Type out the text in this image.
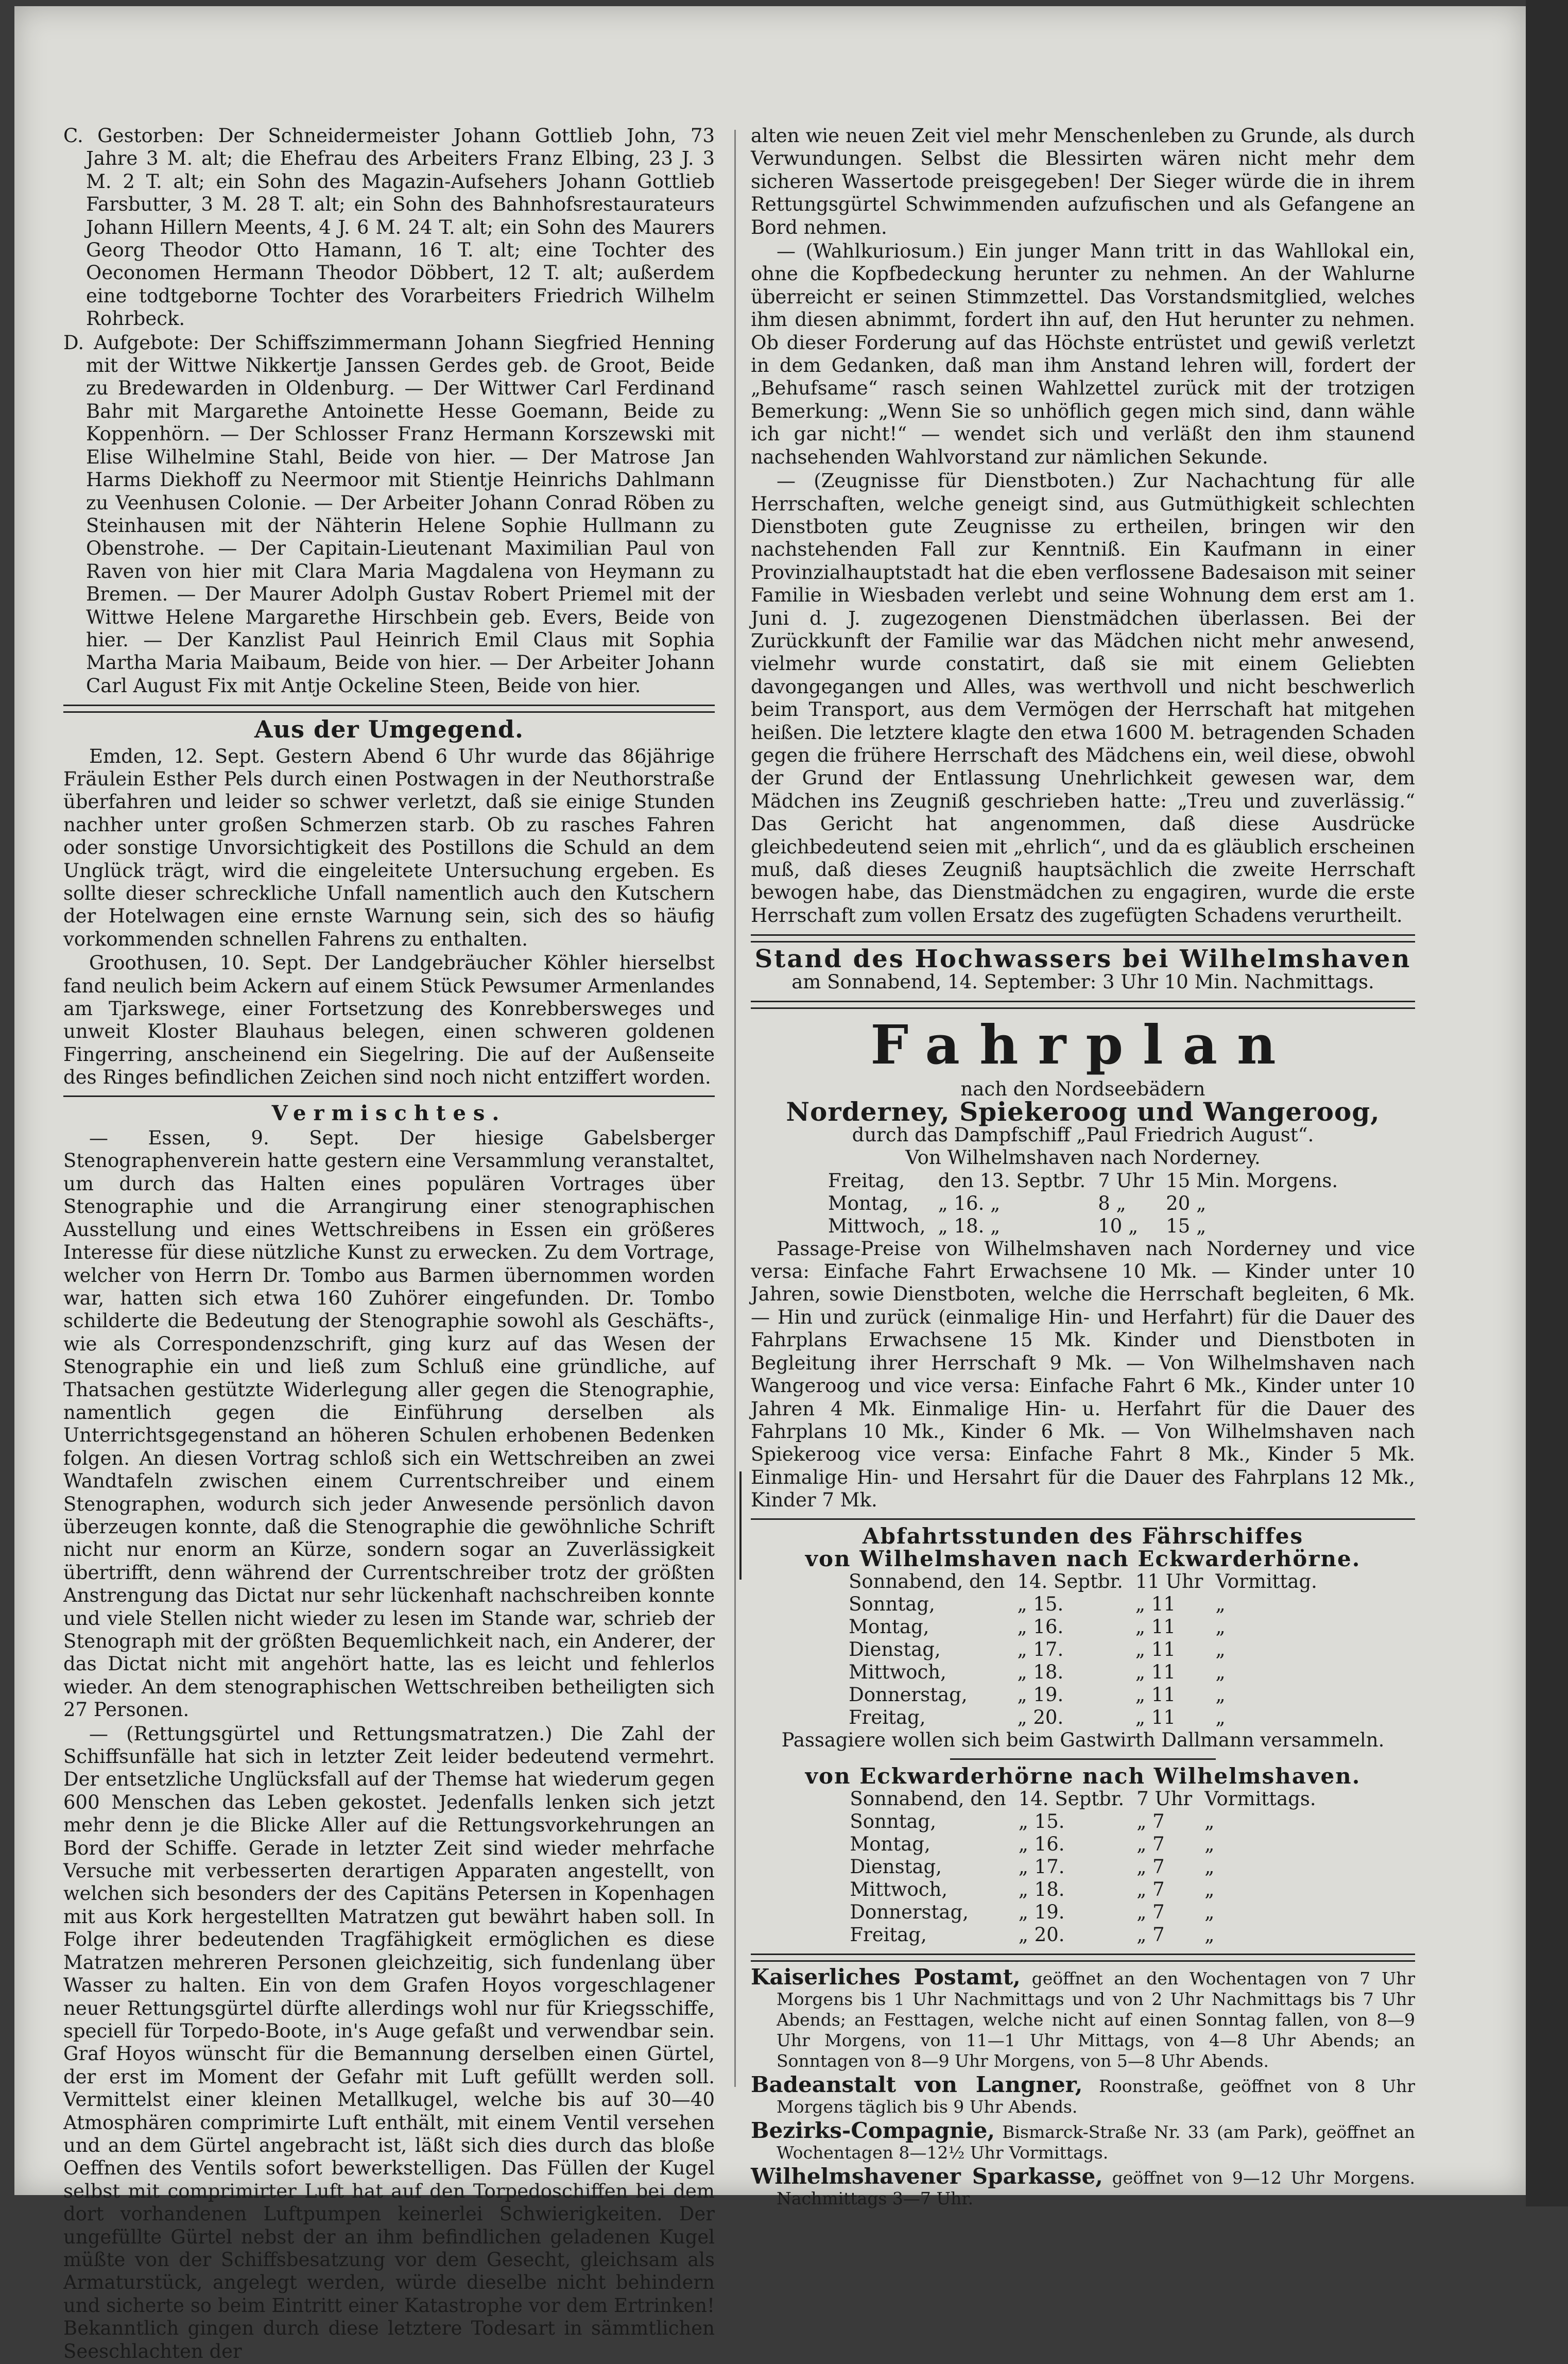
C. Gestorben: Der Schneidermeister Johann Gottlieb John, 73 Jahre 3 M. alt; die Ehefrau des Arbeiters Franz Elbing, 23 J. 3 M. 2 T. alt; ein Sohn des Magazin-Aufsehers Johann Gottlieb Farsbutter, 3 M. 28 T. alt; ein Sohn des Bahnhofsrestaurateurs Johann Hillern Meents, 4 J. 6 M. 24 T. alt; ein Sohn des Maurers Georg Theodor Otto Hamann, 16 T. alt; eine Tochter des Oeconomen Hermann Theodor Döbbert, 12 T. alt; außerdem eine todtgeborne Tochter des Vorarbeiters Friedrich Wilhelm Rohrbeck.

D. Aufgebote: Der Schiffszimmermann Johann Siegfried Henning mit der Wittwe Nikkertje Janssen Gerdes geb. de Groot, Beide zu Bredewarden in Oldenburg. — Der Wittwer Carl Ferdinand Bahr mit Margarethe Antoinette Hesse Goemann, Beide zu Koppenhörn. — Der Schlosser Franz Hermann Korszewski mit Elise Wilhelmine Stahl, Beide von hier. — Der Matrose Jan Harms Diekhoff zu Neermoor mit Stientje Heinrichs Dahlmann zu Veenhusen Colonie. — Der Arbeiter Johann Conrad Röben zu Steinhausen mit der Nähterin Helene Sophie Hullmann zu Obenstrohe. — Der Capitain-Lieutenant Maximilian Paul von Raven von hier mit Clara Maria Magdalena von Heymann zu Bremen. — Der Maurer Adolph Gustav Robert Priemel mit der Wittwe Helene Margarethe Hirschbein geb. Evers, Beide von hier. — Der Kanzlist Paul Heinrich Emil Claus mit Sophia Martha Maria Maibaum, Beide von hier. — Der Arbeiter Johann Carl August Fix mit Antje Ockeline Steen, Beide von hier.

Aus der Umgegend.

Emden, 12. Sept. Gestern Abend 6 Uhr wurde das 86jährige Fräulein Esther Pels durch einen Postwagen in der Neuthorstraße überfahren und leider so schwer verletzt, daß sie einige Stunden nachher unter großen Schmerzen starb. Ob zu rasches Fahren oder sonstige Unvorsichtigkeit des Postillons die Schuld an dem Unglück trägt, wird die eingeleitete Untersuchung ergeben. Es sollte dieser schreckliche Unfall namentlich auch den Kutschern der Hotelwagen eine ernste Warnung sein, sich des so häufig vorkommenden schnellen Fahrens zu enthalten.

Groothusen, 10. Sept. Der Landgebräucher Köhler hierselbst fand neulich beim Ackern auf einem Stück Pewsumer Armenlandes am Tjarkswege, einer Fortsetzung des Konrebbersweges und unweit Kloster Blauhaus belegen, einen schweren goldenen Fingerring, anscheinend ein Siegelring. Die auf der Außenseite des Ringes befindlichen Zeichen sind noch nicht entziffert worden.

Vermischtes.

— Essen, 9. Sept. Der hiesige Gabelsberger Stenographenverein hatte gestern eine Versammlung veranstaltet, um durch das Halten eines populären Vortrages über Stenographie und die Arrangirung einer stenographischen Ausstellung und eines Wettschreibens in Essen ein größeres Interesse für diese nützliche Kunst zu erwecken. Zu dem Vortrage, welcher von Herrn Dr. Tombo aus Barmen übernommen worden war, hatten sich etwa 160 Zuhörer eingefunden. Dr. Tombo schilderte die Bedeutung der Stenographie sowohl als Geschäfts-, wie als Correspondenzschrift, ging kurz auf das Wesen der Stenographie ein und ließ zum Schluß eine gründliche, auf Thatsachen gestützte Widerlegung aller gegen die Stenographie, namentlich gegen die Einführung derselben als Unterrichtsgegenstand an höheren Schulen erhobenen Bedenken folgen. An diesen Vortrag schloß sich ein Wettschreiben an zwei Wandtafeln zwischen einem Currentschreiber und einem Stenographen, wodurch sich jeder Anwesende persönlich davon überzeugen konnte, daß die Stenographie die gewöhnliche Schrift nicht nur enorm an Kürze, sondern sogar an Zuverlässigkeit übertrifft, denn während der Currentschreiber trotz der größten Anstrengung das Dictat nur sehr lückenhaft nachschreiben konnte und viele Stellen nicht wieder zu lesen im Stande war, schrieb der Stenograph mit der größten Bequemlichkeit nach, ein Anderer, der das Dictat nicht mit angehört hatte, las es leicht und fehlerlos wieder. An dem stenographischen Wettschreiben betheiligten sich 27 Personen.

— (Rettungsgürtel und Rettungsmatratzen.) Die Zahl der Schiffsunfälle hat sich in letzter Zeit leider bedeutend vermehrt. Der entsetzliche Unglücksfall auf der Themse hat wiederum gegen 600 Menschen das Leben gekostet. Jedenfalls lenken sich jetzt mehr denn je die Blicke Aller auf die Rettungsvorkehrungen an Bord der Schiffe. Gerade in letzter Zeit sind wieder mehrfache Versuche mit verbesserten derartigen Apparaten angestellt, von welchen sich besonders der des Capitäns Petersen in Kopenhagen mit aus Kork hergestellten Matratzen gut bewährt haben soll. In Folge ihrer bedeutenden Tragfähigkeit ermöglichen es diese Matratzen mehreren Personen gleichzeitig, sich fundenlang über Wasser zu halten. Ein von dem Grafen Hoyos vorgeschlagener neuer Rettungsgürtel dürfte allerdings wohl nur für Kriegsschiffe, speciell für Torpedo-Boote, in's Auge gefaßt und verwendbar sein. Graf Hoyos wünscht für die Bemannung derselben einen Gürtel, der erst im Moment der Gefahr mit Luft gefüllt werden soll. Vermittelst einer kleinen Metallkugel, welche bis auf 30—40 Atmosphären comprimirte Luft enthält, mit einem Ventil versehen und an dem Gürtel angebracht ist, läßt sich dies durch das bloße Oeffnen des Ventils sofort bewerkstelligen. Das Füllen der Kugel selbst mit comprimirter Luft hat auf den Torpedoschiffen bei dem dort vorhandenen Luftpumpen keinerlei Schwierigkeiten. Der ungefüllte Gürtel nebst der an ihm befindlichen geladenen Kugel müßte von der Schiffsbesatzung vor dem Gesecht, gleichsam als Armaturstück, angelegt werden, würde dieselbe nicht behindern und sicherte so beim Eintritt einer Katastrophe vor dem Ertrinken! Bekanntlich gingen durch diese letztere Todesart in sämmtlichen Seeschlachten der

alten wie neuen Zeit viel mehr Menschenleben zu Grunde, als durch Verwundungen. Selbst die Blessirten wären nicht mehr dem sicheren Wassertode preisgegeben! Der Sieger würde die in ihrem Rettungsgürtel Schwimmenden aufzufischen und als Gefangene an Bord nehmen.

— (Wahlkuriosum.) Ein junger Mann tritt in das Wahllokal ein, ohne die Kopfbedeckung herunter zu nehmen. An der Wahlurne überreicht er seinen Stimmzettel. Das Vorstandsmitglied, welches ihm diesen abnimmt, fordert ihn auf, den Hut herunter zu nehmen. Ob dieser Forderung auf das Höchste entrüstet und gewiß verletzt in dem Gedanken, daß man ihm Anstand lehren will, fordert der „Behufsame“ rasch seinen Wahlzettel zurück mit der trotzigen Bemerkung: „Wenn Sie so unhöflich gegen mich sind, dann wähle ich gar nicht!“ — wendet sich und verläßt den ihm staunend nachsehenden Wahlvorstand zur nämlichen Sekunde.

— (Zeugnisse für Dienstboten.) Zur Nachachtung für alle Herrschaften, welche geneigt sind, aus Gutmüthigkeit schlechten Dienstboten gute Zeugnisse zu ertheilen, bringen wir den nachstehenden Fall zur Kenntniß. Ein Kaufmann in einer Provinzialhauptstadt hat die eben verflossene Badesaison mit seiner Familie in Wiesbaden verlebt und seine Wohnung dem erst am 1. Juni d. J. zugezogenen Dienstmädchen überlassen. Bei der Zurückkunft der Familie war das Mädchen nicht mehr anwesend, vielmehr wurde constatirt, daß sie mit einem Geliebten davongegangen und Alles, was werthvoll und nicht beschwerlich beim Transport, aus dem Vermögen der Herrschaft hat mitgehen heißen. Die letztere klagte den etwa 1600 M. betragenden Schaden gegen die frühere Herrschaft des Mädchens ein, weil diese, obwohl der Grund der Entlassung Unehrlichkeit gewesen war, dem Mädchen ins Zeugniß geschrieben hatte: „Treu und zuverlässig.“ Das Gericht hat angenommen, daß diese Ausdrücke gleichbedeutend seien mit „ehrlich“, und da es gläublich erscheinen muß, daß dieses Zeugniß hauptsächlich die zweite Herrschaft bewogen habe, das Dienstmädchen zu engagiren, wurde die erste Herrschaft zum vollen Ersatz des zugefügten Schadens verurtheilt.

Stand des Hochwassers bei Wilhelmshaven
am Sonnabend, 14. September: 3 Uhr 10 Min. Nachmittags.
Fahrplan
nach den Nordseebädern
Norderney, Spiekeroog und Wangeroog,
durch das Dampfschiff „Paul Friedrich August“.
Von Wilhelmshaven nach Norderney.
Freitag,	den 13. Septbr.	7 Uhr	15 Min. Morgens.
Montag,	„ 16. „	8 „	20 „
Mittwoch,	„ 18. „	10 „	15 „

Passage-Preise von Wilhelmshaven nach Norderney und vice versa: Einfache Fahrt Erwachsene 10 Mk. — Kinder unter 10 Jahren, sowie Dienstboten, welche die Herrschaft begleiten, 6 Mk. — Hin und zurück (einmalige Hin- und Herfahrt) für die Dauer des Fahrplans Erwachsene 15 Mk. Kinder und Dienstboten in Begleitung ihrer Herrschaft 9 Mk. — Von Wilhelmshaven nach Wangeroog und vice versa: Einfache Fahrt 6 Mk., Kinder unter 10 Jahren 4 Mk. Einmalige Hin- u. Herfahrt für die Dauer des Fahrplans 10 Mk., Kinder 6 Mk. — Von Wilhelmshaven nach Spiekeroog vice versa: Einfache Fahrt 8 Mk., Kinder 5 Mk. Einmalige Hin- und Hersahrt für die Dauer des Fahrplans 12 Mk., Kinder 7 Mk.

Abfahrtsstunden des Fährschiffes
von Wilhelmshaven nach Eckwarderhörne.
Sonnabend, den	14. Septbr.	11 Uhr	Vormittag.
Sonntag,	„ 15.	„ 11	„
Montag,	„ 16.	„ 11	„
Dienstag,	„ 17.	„ 11	„
Mittwoch,	„ 18.	„ 11	„
Donnerstag,	„ 19.	„ 11	„
Freitag,	„ 20.	„ 11	„
Passagiere wollen sich beim Gastwirth Dallmann versammeln.
von Eckwarderhörne nach Wilhelmshaven.
Sonnabend, den	14. Septbr.	7 Uhr	Vormittags.
Sonntag,	„ 15.	„ 7	„
Montag,	„ 16.	„ 7	„
Dienstag,	„ 17.	„ 7	„
Mittwoch,	„ 18.	„ 7	„
Donnerstag,	„ 19.	„ 7	„
Freitag,	„ 20.	„ 7	„

Kaiserliches Postamt, geöffnet an den Wochentagen von 7 Uhr Morgens bis 1 Uhr Nachmittags und von 2 Uhr Nachmittags bis 7 Uhr Abends; an Festtagen, welche nicht auf einen Sonntag fallen, von 8—9 Uhr Morgens, von 11—1 Uhr Mittags, von 4—8 Uhr Abends; an Sonntagen von 8—9 Uhr Morgens, von 5—8 Uhr Abends.

Badeanstalt von Langner, Roonstraße, geöffnet von 8 Uhr Morgens täglich bis 9 Uhr Abends.

Bezirks-Compagnie, Bismarck-Straße Nr. 33 (am Park), geöffnet an Wochentagen 8—12½ Uhr Vormittags.

Wilhelmshavener Sparkasse, geöffnet von 9—12 Uhr Morgens. Nachmittags 3—7 Uhr.
